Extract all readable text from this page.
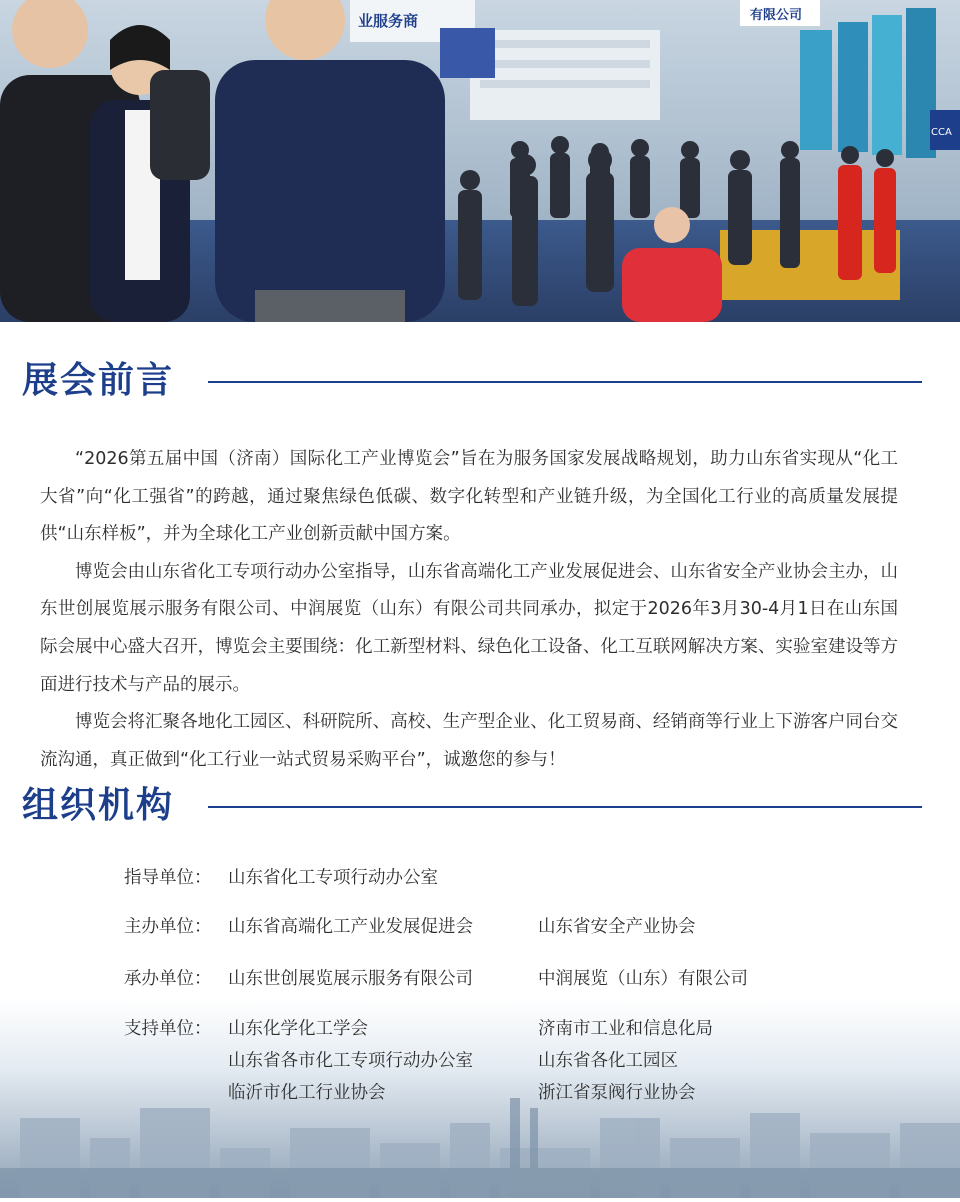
有限公司
CCA
业服务商
展会前言

“2026第五届中国（济南）国际化工产业博览会”旨在为服务国家发展战略规划，助力山东省实现从“化工大省”向“化工强省”的跨越，通过聚焦绿色低碳、数字化转型和产业链升级，为全国化工行业的高质量发展提供“山东样板”，并为全球化工产业创新贡献中国方案。

博览会由山东省化工专项行动办公室指导，山东省高端化工产业发展促进会、山东省安全产业协会主办，山东世创展览展示服务有限公司、中润展览（山东）有限公司共同承办，拟定于2026年3月30-4月1日在山东国际会展中心盛大召开，博览会主要围绕：化工新型材料、绿色化工设备、化工互联网解决方案、实验室建设等方面进行技术与产品的展示。

博览会将汇聚各地化工园区、科研院所、高校、生产型企业、化工贸易商、经销商等行业上下游客户同台交流沟通，真正做到“化工行业一站式贸易采购平台”，诚邀您的参与！

组织机构
指导单位： 山东省化工专项行动办公室
主办单位： 山东省高端化工产业发展促进会	山东省安全产业协会
承办单位： 山东世创展览展示服务有限公司	中润展览（山东）有限公司
支持单位： 山东化学化工学会	济南市工业和信息化局
山东省各市化工专项行动办公室	山东省各化工园区
临沂市化工行业协会	浙江省泵阀行业协会
